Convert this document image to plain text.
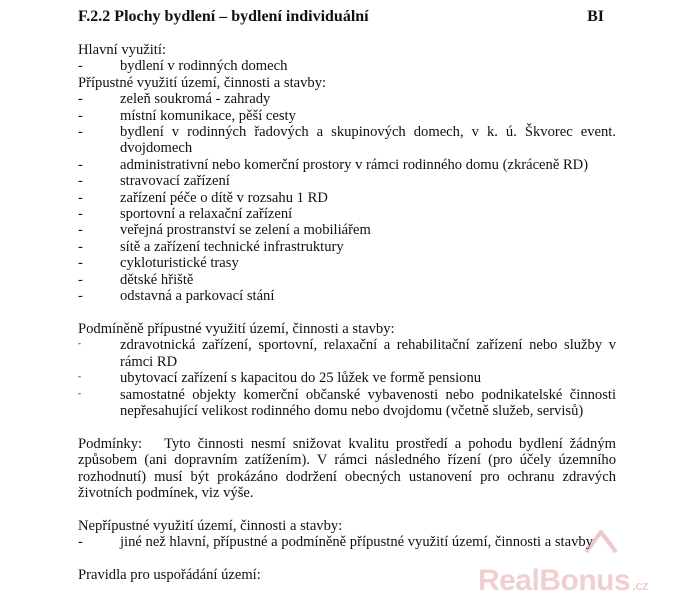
F.2.2 Plochy bydlení – bydlení individuální	BI

Hlavní využití:

-	bydlení v rodinných domech

Přípustné využití území, činnosti a stavby:

-	zeleň soukromá - zahrady
-	místní komunikace, pěší cesty
-	bydlení v rodinných řadových a skupinových domech, v k. ú. Škvorec event. dvojdomech
-	administrativní nebo komerční prostory v rámci rodinného domu (zkráceně RD)
-	stravovací zařízení
-	zařízení péče o dítě v rozsahu 1 RD
-	sportovní a relaxační zařízení
-	veřejná prostranství se zelení a mobiliářem
-	sítě a zařízení technické infrastruktury
-	cykloturistické trasy
-	dětské hřiště
-	odstavná a parkovací stání

Podmíněně přípustné využití území, činnosti a stavby:

-	zdravotnická zařízení, sportovní, relaxační a rehabilitační zařízení nebo služby v rámci RD
-	ubytovací zařízení s kapacitou do 25 lůžek ve formě pensionu
-	samostatné objekty komerční občanské vybavenosti nebo podnikatelské činnosti nepřesahující velikost rodinného domu nebo dvojdomu (včetně služeb, servisů)

Podmínky: Tyto činnosti nesmí snižovat kvalitu prostředí a pohodu bydlení žádným způsobem (ani dopravním zatížením). V rámci následného řízení (pro účely územního rozhodnutí) musí být prokázáno dodržení obecných ustanovení pro ochranu zdravých životních podmínek, viz výše.

Nepřípustné využití území, činnosti a stavby:

-	jiné než hlavní, přípustné a podmíněně přípustné využití území, činnosti a stavby

Pravidla pro uspořádání území:	Real Bonus .cz
